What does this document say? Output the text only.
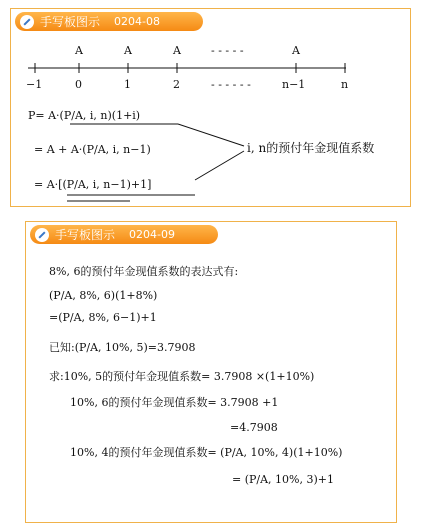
手写板图示 0204-08
A	A	A	- - - - -	A
−1	0	1	2	- - - - - -	n−1	n
P= A·(P/A, i, n)(1+i)
= A + A·(P/A, i, n−1)
= A·[(P/A, i, n−1)+1]
i, n的预付年金现值系数
手写板图示 0204-09
8%, 6的预付年金现值系数的表达式有:
(P/A, 8%, 6)(1+8%)
=(P/A, 8%, 6−1)+1
已知:(P/A, 10%, 5)=3.7908
求:10%, 5的预付年金现值系数= 3.7908 ×(1+10%)
10%, 6的预付年金现值系数= 3.7908 +1
=4.7908
10%, 4的预付年金现值系数= (P/A, 10%, 4)(1+10%)
= (P/A, 10%, 3)+1
